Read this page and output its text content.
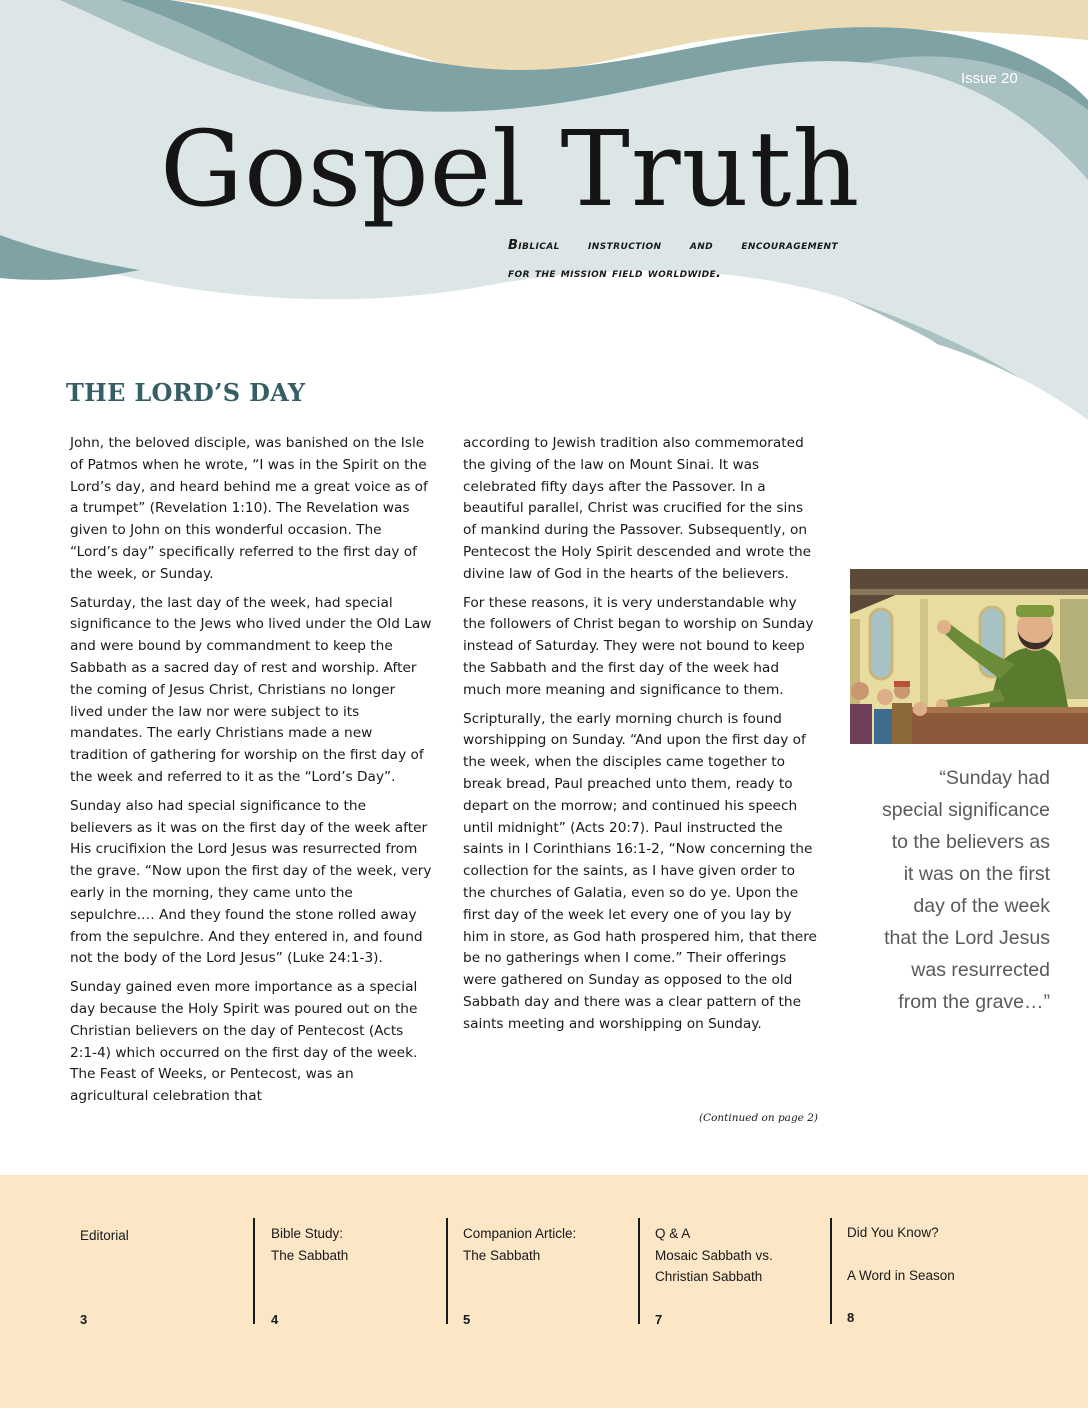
Issue 20
Gospel Truth
Biblical instruction and encouragement
for the mission field worldwide.
THE LORD’S DAY

John, the beloved disciple, was banished on the Isle of Patmos when he wrote, “I was in the Spirit on the Lord’s day, and heard behind me a great voice as of a trumpet” (Revelation 1:10). The Revelation was given to John on this wonderful occasion. The “Lord’s day” specifically referred to the first day of the week, or Sunday.

Saturday, the last day of the week, had special significance to the Jews who lived under the Old Law and were bound by commandment to keep the Sabbath as a sacred day of rest and worship. After the coming of Jesus Christ, Christians no longer lived under the law nor were subject to its mandates. The early Christians made a new tradition of gathering for worship on the first day of the week and referred to it as the “Lord’s Day”.

Sunday also had special significance to the believers as it was on the first day of the week after His crucifixion the Lord Jesus was resurrected from the grave. “Now upon the first day of the week, very early in the morning, they came unto the sepulchre.… And they found the stone rolled away from the sepulchre. And they entered in, and found not the body of the Lord Jesus” (Luke 24:1-3).

Sunday gained even more importance as a special day because the Holy Spirit was poured out on the Christian believers on the day of Pentecost (Acts 2:1-4) which occurred on the first day of the week. The Feast of Weeks, or Pentecost, was an agricultural celebration that

according to Jewish tradition also commemorated the giving of the law on Mount Sinai. It was celebrated fifty days after the Passover. In a beautiful parallel, Christ was crucified for the sins of mankind during the Passover. Subsequently, on Pentecost the Holy Spirit descended and wrote the divine law of God in the hearts of the believers.

For these reasons, it is very understandable why the followers of Christ began to worship on Sunday instead of Saturday. They were not bound to keep the Sabbath and the first day of the week had much more meaning and significance to them.

Scripturally, the early morning church is found worshipping on Sunday. “And upon the first day of the week, when the disciples came together to break bread, Paul preached unto them, ready to depart on the morrow; and continued his speech until midnight” (Acts 20:7). Paul instructed the saints in I Corinthians 16:1-2, “Now concerning the collection for the saints, as I have given order to the churches of Galatia, even so do ye. Upon the first day of the week let every one of you lay by him in store, as God hath prospered him, that there be no gatherings when I come.” Their offerings were gathered on Sunday as opposed to the old Sabbath day and there was a clear pattern of the saints meeting and worshipping on Sunday.

(Continued on page 2)
“Sunday had
special significance
to the believers as
it was on the first
day of the week
that the Lord Jesus
was resurrected
from the grave…”
Editorial
3
Bible Study:
The Sabbath
4
Companion Article:
The Sabbath
5
Q & A
Mosaic Sabbath vs.
Christian Sabbath
7
Did You Know?
A Word in Season
8
